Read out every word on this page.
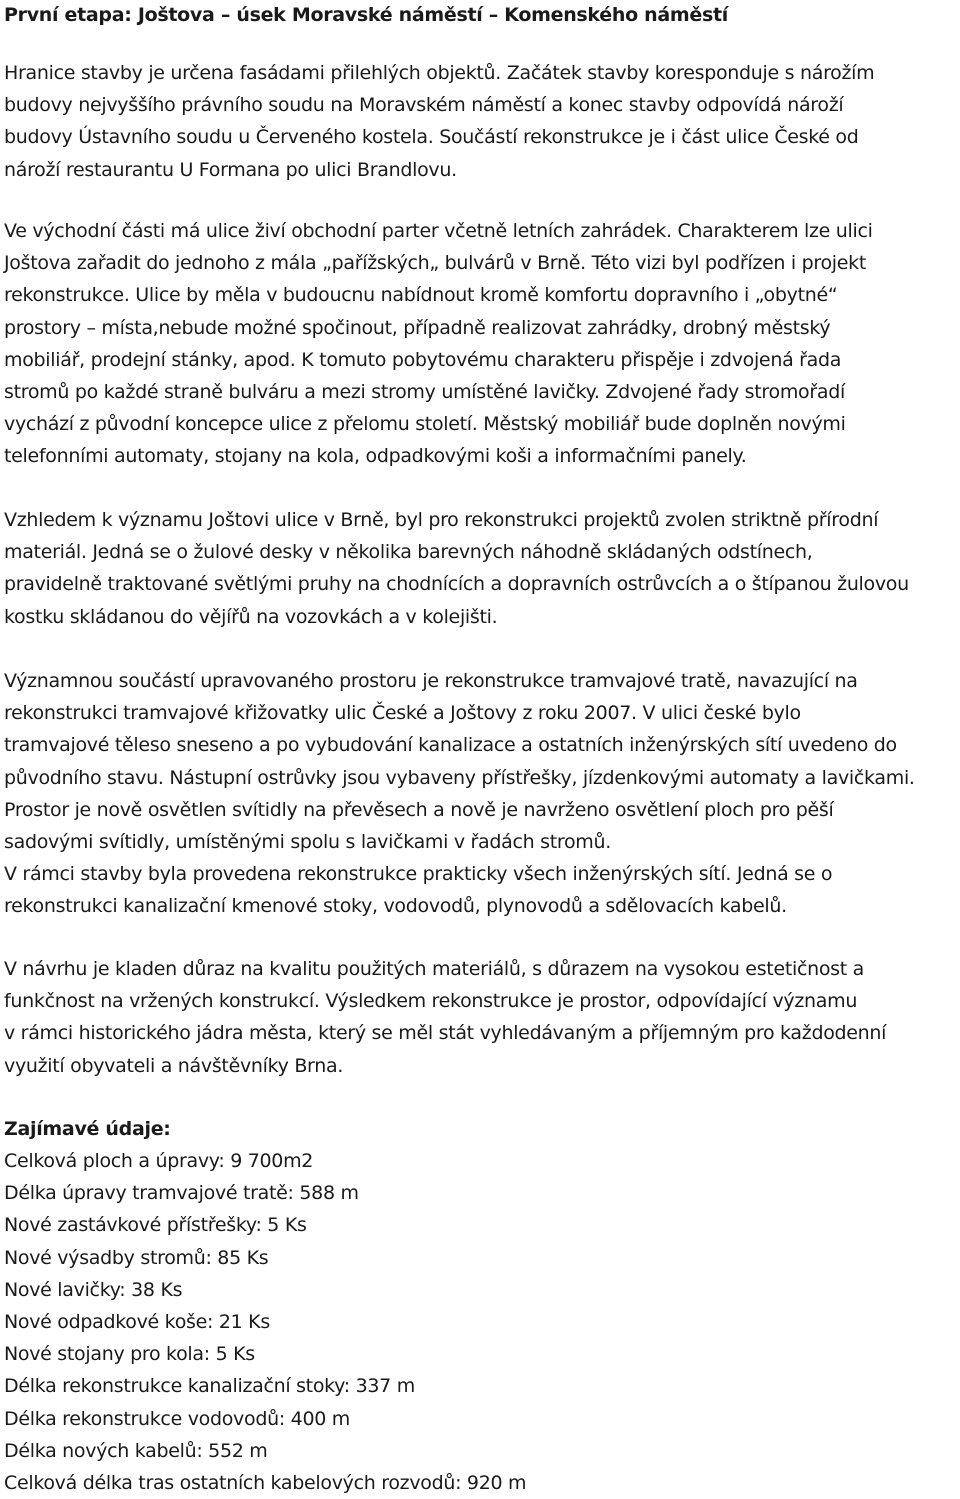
První etapa: Joštova – úsek Moravské náměstí – Komenského náměstí

Hranice stavby je určena fasádami přilehlých objektů. Začátek stavby koresponduje s nárožím
budovy nejvyššího právního soudu na Moravském náměstí a konec stavby odpovídá nároží
budovy Ústavního soudu u Červeného kostela. Součástí rekonstrukce je i část ulice České od
nároží restaurantu U Formana po ulici Brandlovu.

Ve východní části má ulice živí obchodní parter včetně letních zahrádek. Charakterem lze ulici
Joštova zařadit do jednoho z mála „pařížských„ bulvárů v Brně. Této vizi byl podřízen i projekt
rekonstrukce. Ulice by měla v budoucnu nabídnout kromě komfortu dopravního i „obytné“
prostory – místa,nebude možné spočinout, případně realizovat zahrádky, drobný městský
mobiliář, prodejní stánky, apod. K tomuto pobytovému charakteru přispěje i zdvojená řada
stromů po každé straně bulváru a mezi stromy umístěné lavičky. Zdvojené řady stromořadí
vychází z původní koncepce ulice z přelomu století. Městský mobiliář bude doplněn novými
telefonními automaty, stojany na kola, odpadkovými koši a informačními panely.

Vzhledem k významu Joštovi ulice v Brně, byl pro rekonstrukci projektů zvolen striktně přírodní
materiál. Jedná se o žulové desky v několika barevných náhodně skládaných odstínech,
pravidelně traktované světlými pruhy na chodnících a dopravních ostrůvcích a o štípanou žulovou
kostku skládanou do vějířů na vozovkách a v kolejišti.

Významnou součástí upravovaného prostoru je rekonstrukce tramvajové tratě, navazující na
rekonstrukci tramvajové křižovatky ulic České a Joštovy z roku 2007. V ulici české bylo
tramvajové těleso sneseno a po vybudování kanalizace a ostatních inženýrských sítí uvedeno do
původního stavu. Nástupní ostrůvky jsou vybaveny přístřešky, jízdenkovými automaty a lavičkami.
Prostor je nově osvětlen svítidly na převěsech a nově je navrženo osvětlení ploch pro pěší
sadovými svítidly, umístěnými spolu s lavičkami v řadách stromů.
V rámci stavby byla provedena rekonstrukce prakticky všech inženýrských sítí. Jedná se o
rekonstrukci kanalizační kmenové stoky, vodovodů, plynovodů a sdělovacích kabelů.

V návrhu je kladen důraz na kvalitu použitých materiálů, s důrazem na vysokou estetičnost a
funkčnost na vržených konstrukcí. Výsledkem rekonstrukce je prostor, odpovídající významu
v rámci historického jádra města, který se měl stát vyhledávaným a příjemným pro každodenní
využití obyvateli a návštěvníky Brna.

Zajímavé údaje:
Celková ploch a úpravy: 9 700m2
Délka úpravy tramvajové tratě: 588 m
Nové zastávkové přístřešky: 5 Ks
Nové výsadby stromů: 85 Ks
Nové lavičky: 38 Ks
Nové odpadkové koše: 21 Ks
Nové stojany pro kola: 5 Ks
Délka rekonstrukce kanalizační stoky: 337 m
Délka rekonstrukce vodovodů: 400 m
Délka nových kabelů: 552 m
Celková délka tras ostatních kabelových rozvodů: 920 m
